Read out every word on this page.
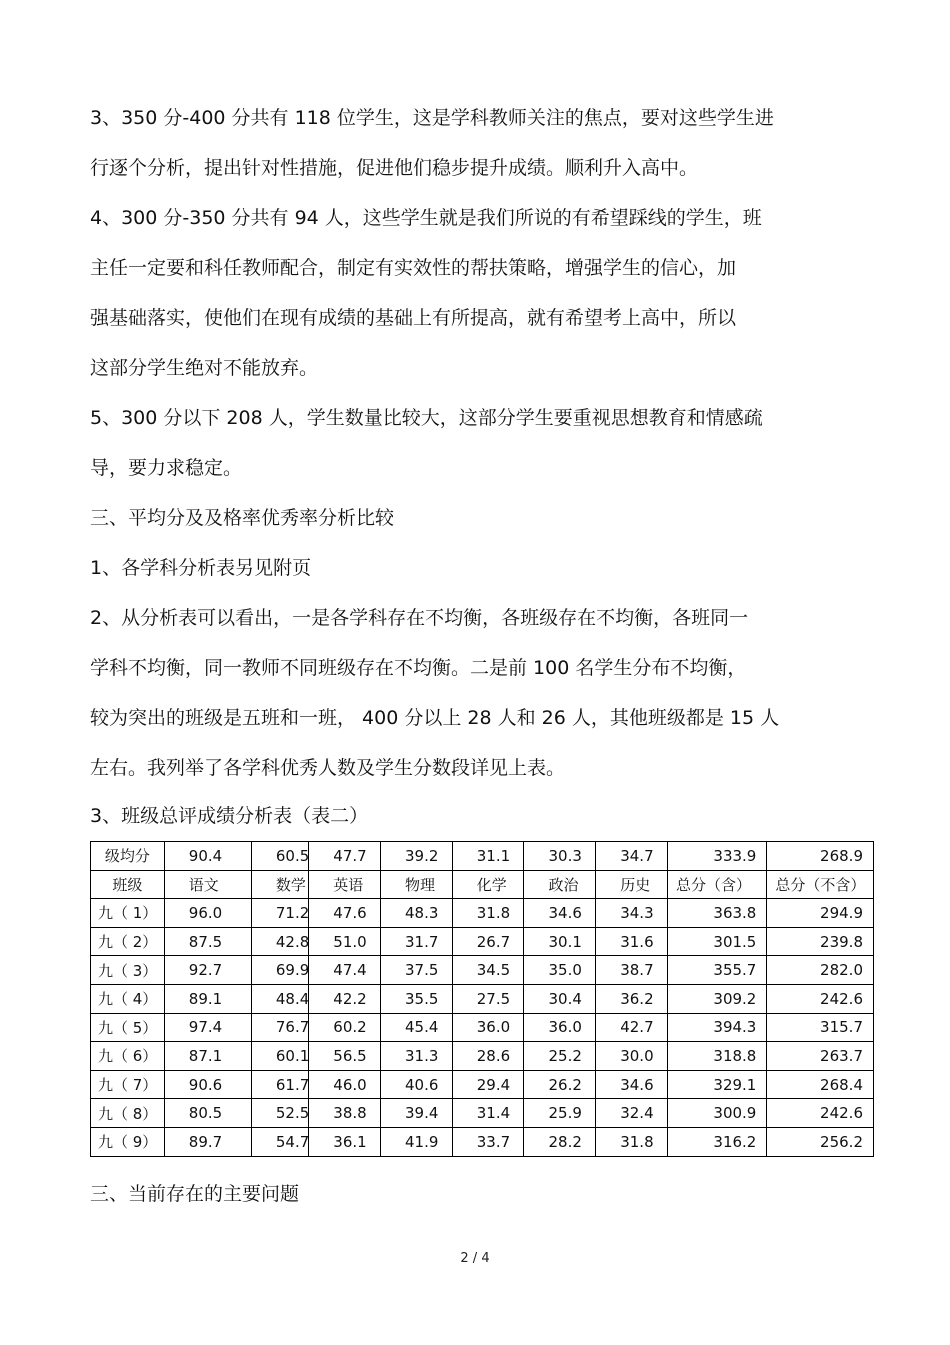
3、350 分-400 分共有 118 位学生，这是学科教师关注的焦点，要对这些学生进
行逐个分析，提出针对性措施，促进他们稳步提升成绩。顺利升入高中。
4、300 分-350 分共有 94 人，这些学生就是我们所说的有希望踩线的学生，班
主任一定要和科任教师配合，制定有实效性的帮扶策略，增强学生的信心，加
强基础落实，使他们在现有成绩的基础上有所提高，就有希望考上高中，所以
这部分学生绝对不能放弃。
5、300 分以下 208 人，学生数量比较大，这部分学生要重视思想教育和情感疏
导，要力求稳定。
三、平均分及及格率优秀率分析比较
1、各学科分析表另见附页
2、从分析表可以看出，一是各学科存在不均衡，各班级存在不均衡，各班同一
学科不均衡，同一教师不同班级存在不均衡。二是前 100 名学生分布不均衡，
较为突出的班级是五班和一班， 400 分以上 28 人和 26 人，其他班级都是 15 人
左右。我列举了各学科优秀人数及学生分数段详见上表。
3、班级总评成绩分析表（表二）
级均分	90.4	60.5	47.7	39.2	31.1	30.3	34.7	333.9	268.9
班级	语文	数学	英语	物理	化学	政治	历史	总分（含）	总分（不含）
九（ 1）	96.0	71.2	47.6	48.3	31.8	34.6	34.3	363.8	294.9
九（ 2）	87.5	42.8	51.0	31.7	26.7	30.1	31.6	301.5	239.8
九（ 3）	92.7	69.9	47.4	37.5	34.5	35.0	38.7	355.7	282.0
九（ 4）	89.1	48.4	42.2	35.5	27.5	30.4	36.2	309.2	242.6
九（ 5）	97.4	76.7	60.2	45.4	36.0	36.0	42.7	394.3	315.7
九（ 6）	87.1	60.1	56.5	31.3	28.6	25.2	30.0	318.8	263.7
九（ 7）	90.6	61.7	46.0	40.6	29.4	26.2	34.6	329.1	268.4
九（ 8）	80.5	52.5	38.8	39.4	31.4	25.9	32.4	300.9	242.6
九（ 9）	89.7	54.7	36.1	41.9	33.7	28.2	31.8	316.2	256.2
三、当前存在的主要问题
2 / 4
